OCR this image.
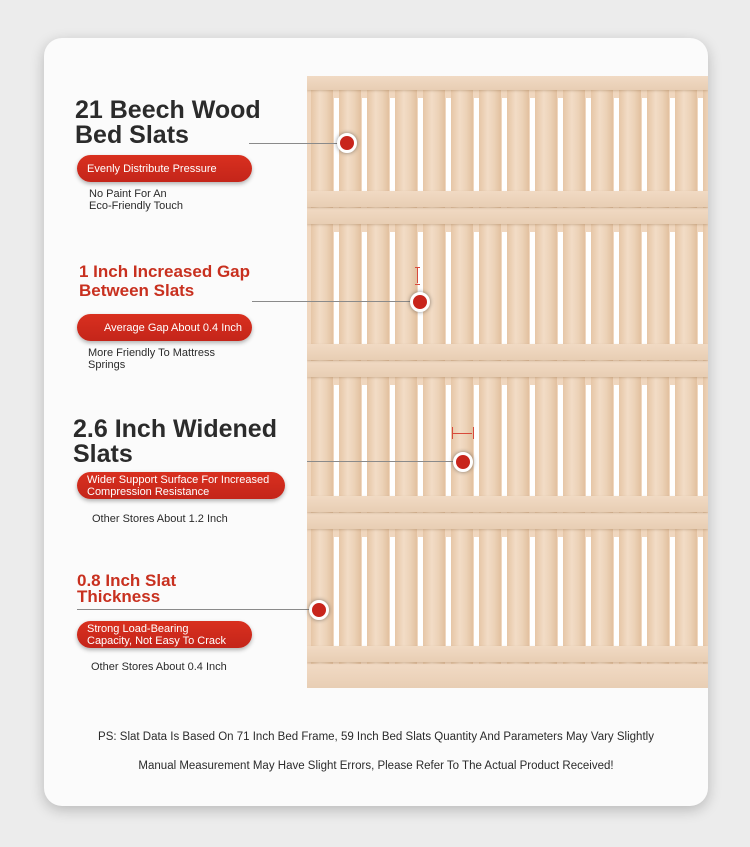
21 Beech Wood
Bed Slats
Evenly Distribute Pressure
No Paint For An
Eco-Friendly Touch
1 Inch Increased Gap
Between Slats
Average Gap About 0.4 Inch
More Friendly To Mattress
Springs
2.6 Inch Widened
Slats
Wider Support Surface For Increased
Compression Resistance
Other Stores About 1.2 Inch
0.8 Inch Slat
Thickness
Strong Load-Bearing
Capacity, Not Easy To Crack
Other Stores About 0.4 Inch
PS: Slat Data Is Based On 71 Inch Bed Frame, 59 Inch Bed Slats Quantity And Parameters May Vary Slightly
Manual Measurement May Have Slight Errors, Please Refer To The Actual Product Received!
